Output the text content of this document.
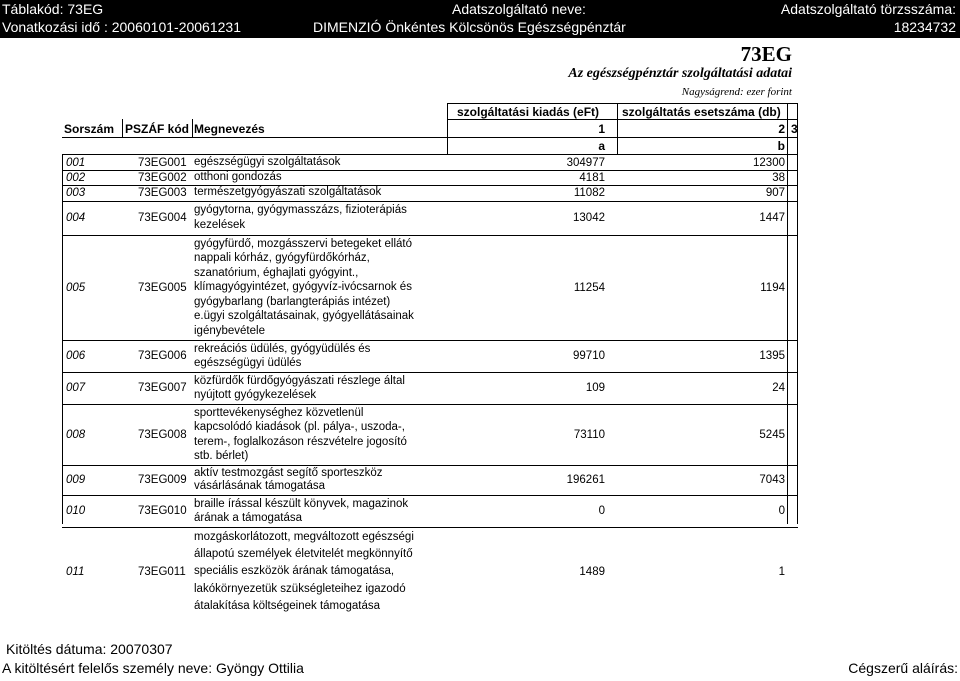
Táblakód: 73EG	Adatszolgáltató neve:	Adatszolgáltató törzsszáma:
Vonatkozási idő : 20060101-20061231	DIMENZIÓ Önkéntes Kölcsönös Egészségpénztár	18234732
73EG
Az egészségpénztár szolgáltatási adatai
Nagyságrend: ezer forint
szolgáltatási kiadás (eFt) szolgáltatás esetszáma (db)
Sorszám PSZÁF kód Megnevezés	1	2 3
a	b
001	73EG001 egészségügyi szolgáltatások	304977	12300
002	73EG002 otthoni gondozás	4181	38
003	73EG003 természetgyógyászati szolgáltatások	11082	907
004	73EG004
gyógytorna, gyógymasszázs, fizioterápiás
kezelések
13042	1447
005	73EG005
gyógyfürdő, mozgásszervi betegeket ellátó
nappali kórház, gyógyfürdőkórház,
szanatórium, éghajlati gyógyint.,
klímagyógyintézet, gyógyvíz-ivócsarnok és
gyógybarlang (barlangterápiás intézet)
e.ügyi szolgáltatásainak, gyógyellátásainak
igénybevétele
11254	1194
006	73EG006
rekreációs üdülés, gyógyüdülés és
egészségügyi üdülés
99710	1395
007	73EG007
közfürdők fürdőgyógyászati részlege által
nyújtott gyógykezelések
109	24
008	73EG008
sporttevékenységhez közvetlenül
kapcsolódó kiadások (pl. pálya-, uszoda-,
terem-, foglalkozáson részvételre jogosító
stb. bérlet)
73110	5245
009	73EG009
aktív testmozgást segítő sporteszköz
vásárlásának támogatása	196261	7043
010	73EG010
braille írással készült könyvek, magazinok
árának a támogatása
0	0
011	73EG011
mozgáskorlátozott, megváltozott egészségi
állapotú személyek életvitelét megkönnyítő
speciális eszközök árának támogatása,
lakókörnyezetük szükségleteihez igazodó
átalakítása költségeinek támogatása
1489	1
Kitöltés dátuma: 20070307
A kitöltésért felelős személy neve: Gyöngy Ottilia	Cégszerű aláírás:
